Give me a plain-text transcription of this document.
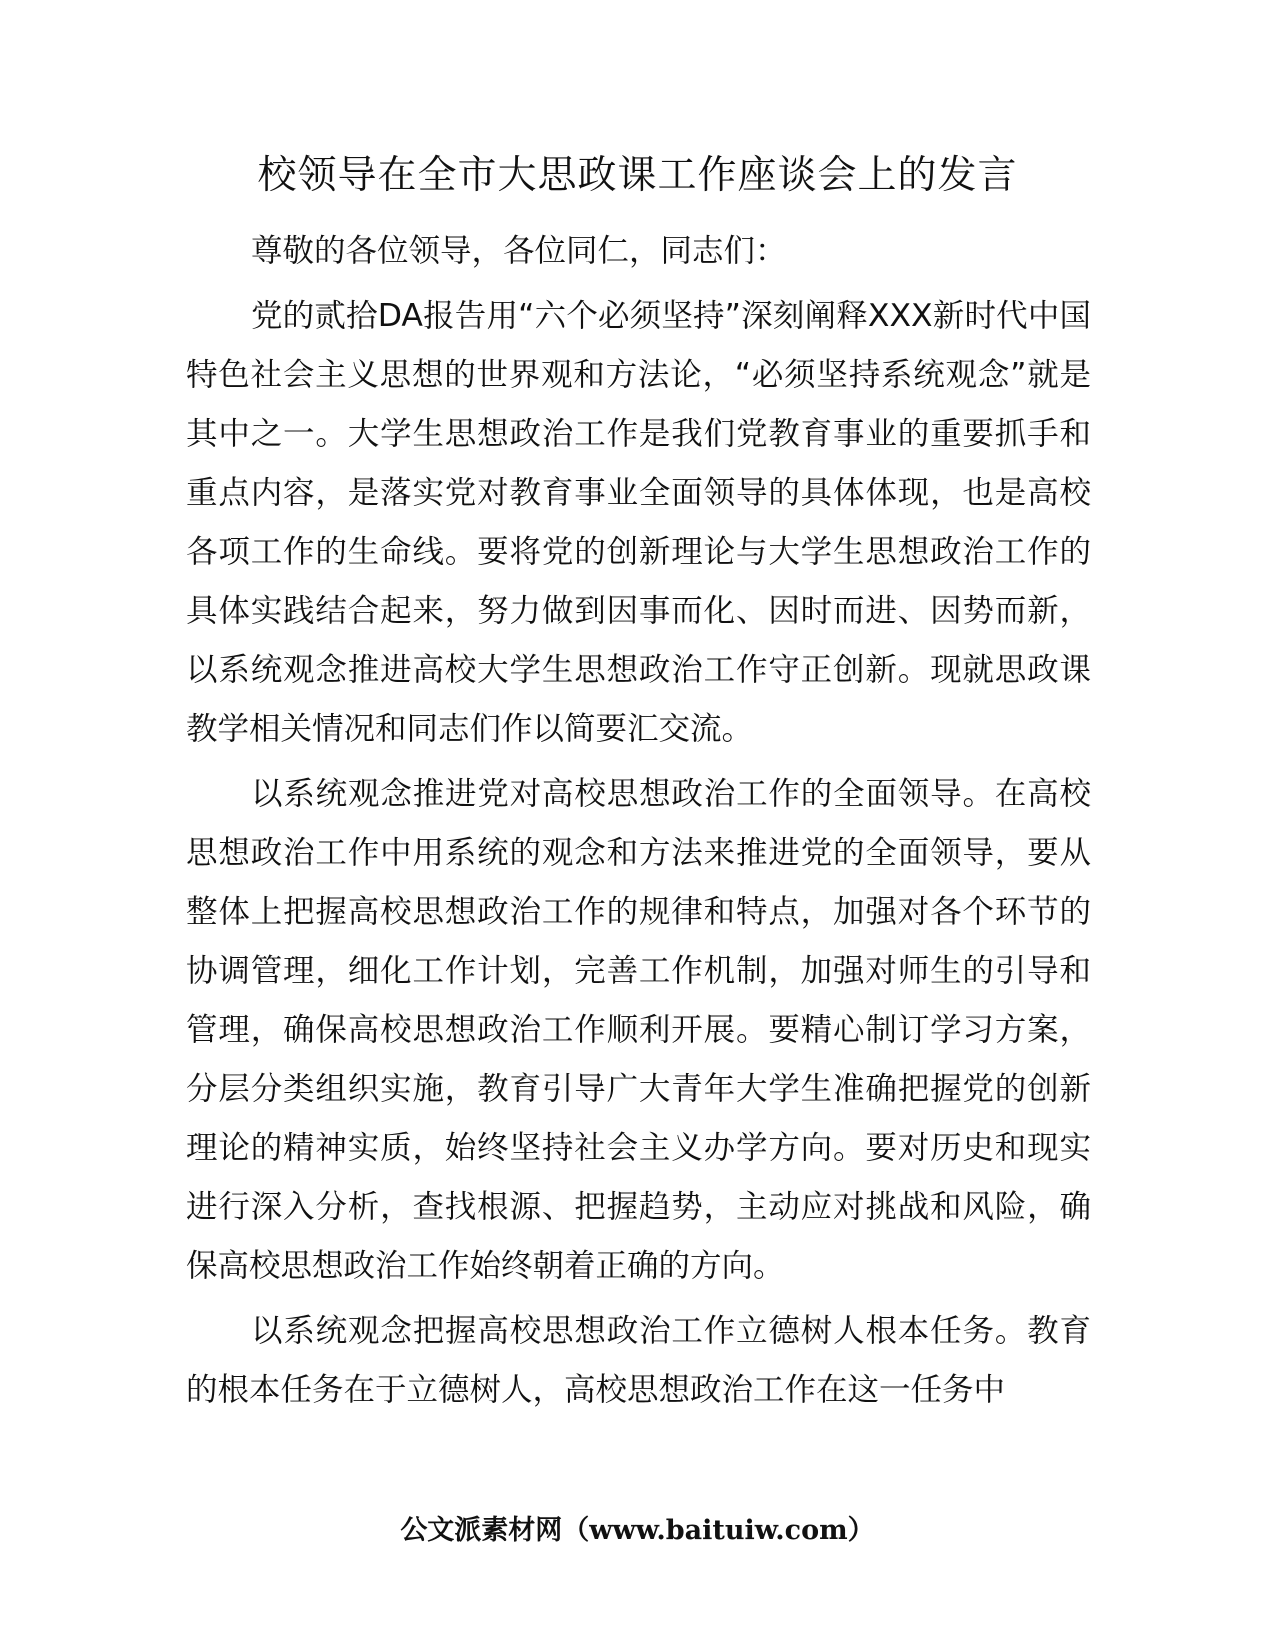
校领导在全市大思政课工作座谈会上的发言

尊敬的各位领导，各位同仁，同志们：

党的贰拾DA报告用“六个必须坚持”深刻阐释XXX新时代中国特色社会主义思想的世界观和方法论，“必须坚持系统观念”就是其中之一。大学生思想政治工作是我们党教育事业的重要抓手和重点内容，是落实党对教育事业全面领导的具体体现，也是高校各项工作的生命线。要将党的创新理论与大学生思想政治工作的具体实践结合起来，努力做到因事而化、因时而进、因势而新，以系统观念推进高校大学生思想政治工作守正创新。现就思政课教学相关情况和同志们作以简要汇交流。

以系统观念推进党对高校思想政治工作的全面领导。在高校思想政治工作中用系统的观念和方法来推进党的全面领导，要从整体上把握高校思想政治工作的规律和特点，加强对各个环节的协调管理，细化工作计划，完善工作机制，加强对师生的引导和管理，确保高校思想政治工作顺利开展。要精心制订学习方案，分层分类组织实施，教育引导广大青年大学生准确把握党的创新理论的精神实质，始终坚持社会主义办学方向。要对历史和现实进行深入分析，查找根源、把握趋势，主动应对挑战和风险，确保高校思想政治工作始终朝着正确的方向。

以系统观念把握高校思想政治工作立德树人根本任务。教育的根本任务在于立德树人，高校思想政治工作在这一任务中

公文派素材网（www.baituiw.com）
